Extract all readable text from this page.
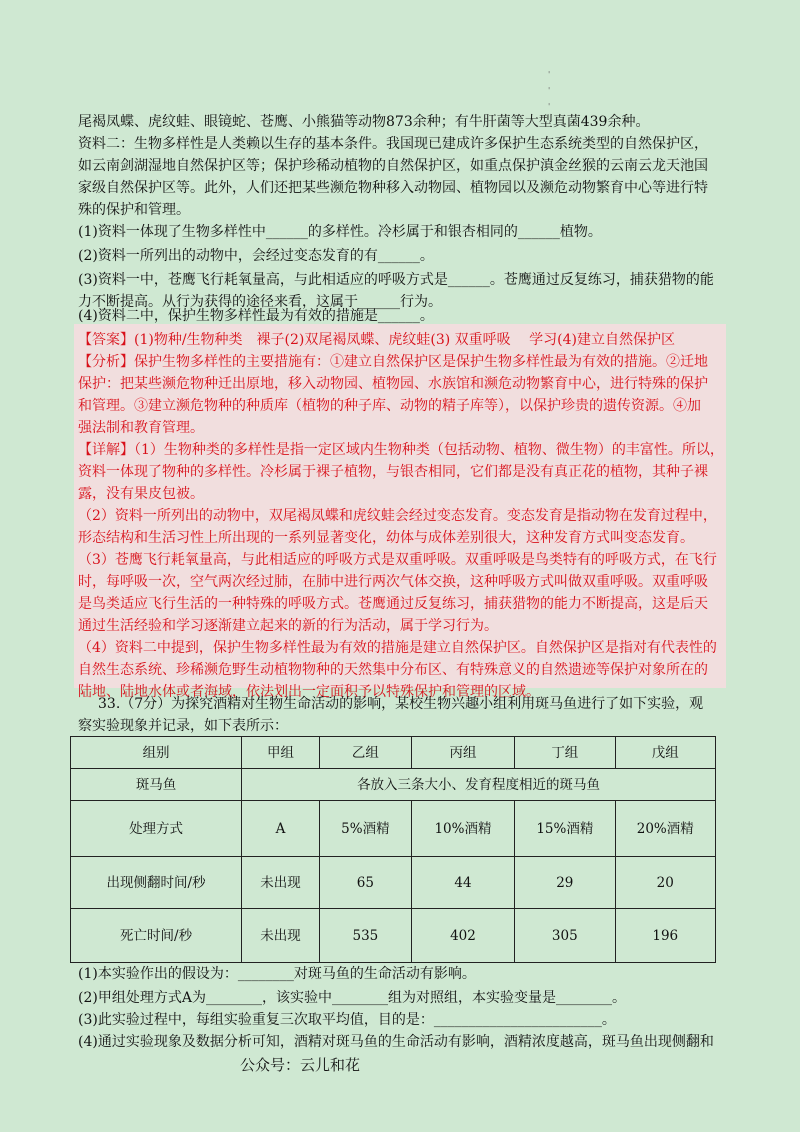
'
'
'
尾褐凤蝶、虎纹蛙、眼镜蛇、苍鹰、小熊猫等动物873余种；有牛肝菌等大型真菌439余种。
资料二：生物多样性是人类赖以生存的基本条件。我国现已建成许多保护生态系统类型的自然保护区，
如云南剑湖湿地自然保护区等；保护珍稀动植物的自然保护区，如重点保护滇金丝猴的云南云龙天池国
家级自然保护区等。此外，人们还把某些濒危物种移入动物园、植物园以及濒危动物繁育中心等进行特
殊的保护和管理。
(1)资料一体现了生物多样性中______的多样性。冷杉属于和银杏相同的______植物。
(2)资料一所列出的动物中，会经过变态发育的有______。
(3)资料一中，苍鹰飞行耗氧量高，与此相适应的呼吸方式是______。苍鹰通过反复练习，捕获猎物的能
力不断提高。从行为获得的途径来看，这属于______行为。
(4)资料二中，保护生物多样性最为有效的措施是______。
【答案】(1)物种/生物种类　裸子(2)双尾褐凤蝶、虎纹蛙(3) 双重呼吸　 学习(4)建立自然保护区
【分析】保护生物多样性的主要措施有：①建立自然保护区是保护生物多样性最为有效的措施。②迁地
保护：把某些濒危物种迁出原地，移入动物园、植物园、水族馆和濒危动物繁育中心，进行特殊的保护
和管理。③建立濒危物种的种质库（植物的种子库、动物的精子库等），以保护珍贵的遗传资源。④加
强法制和教育管理。
【详解】（1）生物种类的多样性是指一定区域内生物种类（包括动物、植物、微生物）的丰富性。所以，
资料一体现了物种的多样性。冷杉属于裸子植物，与银杏相同，它们都是没有真正花的植物，其种子裸
露，没有果皮包被。
（2）资料一所列出的动物中，双尾褐凤蝶和虎纹蛙会经过变态发育。变态发育是指动物在发育过程中，
形态结构和生活习性上所出现的一系列显著变化，幼体与成体差别很大，这种发育方式叫变态发育。
（3）苍鹰飞行耗氧量高，与此相适应的呼吸方式是双重呼吸。双重呼吸是鸟类特有的呼吸方式，在飞行
时，每呼吸一次，空气两次经过肺，在肺中进行两次气体交换，这种呼吸方式叫做双重呼吸。双重呼吸
是鸟类适应飞行生活的一种特殊的呼吸方式。苍鹰通过反复练习，捕获猎物的能力不断提高，这是后天
通过生活经验和学习逐渐建立起来的新的行为活动，属于学习行为。
（4）资料二中提到，保护生物多样性最为有效的措施是建立自然保护区。自然保护区是指对有代表性的
自然生态系统、珍稀濒危野生动植物物种的天然集中分布区、有特殊意义的自然遗迹等保护对象所在的
陆地、陆地水体或者海域，依法划出一定面积予以特殊保护和管理的区域。
33.（7分）为探究酒精对生物生命活动的影响，某校生物兴趣小组利用斑马鱼进行了如下实验，观
察实验现象并记录，如下表所示：
组别	甲组	乙组	丙组	丁组	戊组
斑马鱼	各放入三条大小、发育程度相近的斑马鱼				
处理方式	A	5%酒精	10%酒精	15%酒精	20%酒精
出现侧翻时间/秒	未出现	65	44	29	20
死亡时间/秒	未出现	535	402	305	196
(1)本实验作出的假设为：________对斑马鱼的生命活动有影响。
(2)甲组处理方式A为________，该实验中________组为对照组，本实验变量是________。
(3)此实验过程中，每组实验重复三次取平均值，目的是：________________________。
(4)通过实验现象及数据分析可知，酒精对斑马鱼的生命活动有影响，酒精浓度越高，斑马鱼出现侧翻和
公众号：云儿和花
